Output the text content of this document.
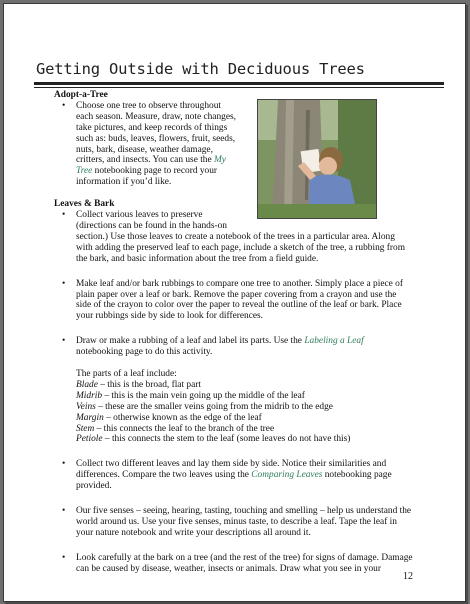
Getting Outside with Deciduous Trees

Adopt-a-Tree

• Choose one tree to observe throughout
each season. Measure, draw, note changes,
take pictures, and keep records of things
such as: buds, leaves, flowers, fruit, seeds,
nuts, bark, disease, weather damage,
critters, and insects. You can use the My
Tree notebooking page to record your
information if you’d like.

Leaves & Bark

• Collect various leaves to preserve
(directions can be found in the hands-on
section.) Use those leaves to create a notebook of the trees in a particular area. Along
with adding the preserved leaf to each page, include a sketch of the tree, a rubbing from
the bark, and basic information about the tree from a field guide.
• Make leaf and/or bark rubbings to compare one tree to another. Simply place a piece of
plain paper over a leaf or bark. Remove the paper covering from a crayon and use the
side of the crayon to color over the paper to reveal the outline of the leaf or bark. Place
your rubbings side by side to look for differences.
• Draw or make a rubbing of a leaf and label its parts. Use the Labeling a Leaf
notebooking page to do this activity.
The parts of a leaf include:
Blade – this is the broad, flat part
Midrib – this is the main vein going up the middle of the leaf
Veins – these are the smaller veins going from the midrib to the edge
Margin – otherwise known as the edge of the leaf
Stem – this connects the leaf to the branch of the tree
Petiole – this connects the stem to the leaf (some leaves do not have this)
• Collect two different leaves and lay them side by side. Notice their similarities and
differences. Compare the two leaves using the Comparing Leaves notebooking page
provided.
• Our five senses – seeing, hearing, tasting, touching and smelling – help us understand the
world around us. Use your five senses, minus taste, to describe a leaf. Tape the leaf in
your nature notebook and write your descriptions all around it.
• Look carefully at the bark on a tree (and the rest of the tree) for signs of damage. Damage
can be caused by disease, weather, insects or animals. Draw what you see in your
12
